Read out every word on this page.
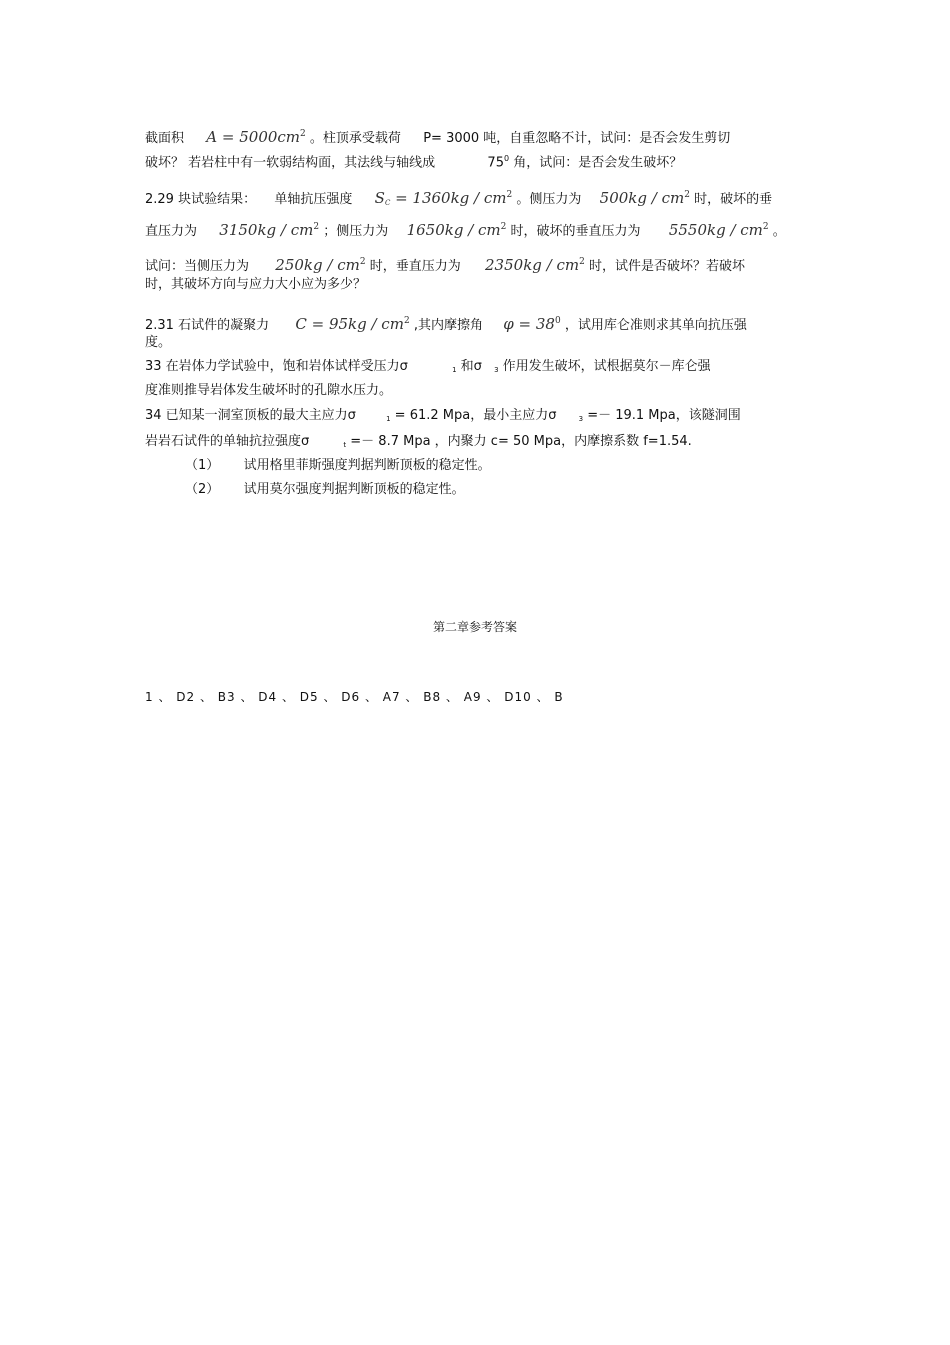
截面积 $A = 5000cm^2$ 。柱顶承受载荷 P= 3000 吨，自重忽略不计，试问：是否会发生剪切
破坏？ 若岩柱中有一软弱结构面，其法线与轴线成	$75^0$ 角，试问：是否会发生破坏？
2.29 块试验结果： 单轴抗压强度 $S_C = 1360kg / cm^2$ 。侧压力为 $500kg / cm^2$ 时，破坏的垂
直压力为 $3150kg / cm^2$ ；侧压力为 $1650kg / cm^2$ 时，破坏的垂直压力为 $5550kg / cm^2$ 。
试问：当侧压力为 $250kg / cm^2$ 时，垂直压力为 $2350kg / cm^2$ 时，试件是否破坏？若破坏
时，其破坏方向与应力大小应为多少？
2.31 石试件的凝聚力 $C = 95kg / cm^2$ ,其内摩擦角 $\varphi = 38^0$ ，试用库仑准则求其单向抗压强
度。
33 在岩体力学试验中，饱和岩体试样受压力σ	$_1$ 和σ $_3$ 作用发生破坏，试根据莫尔－库仑强
度准则推导岩体发生破坏时的孔隙水压力。
34 已知某一洞室顶板的最大主应力σ	$_1$ = 61.2 Mpa，最小主应力σ	$_3$ =－ 19.1 Mpa，该隧洞围
岩岩石试件的单轴抗拉强度σ	$_t$ =－ 8.7 Mpa ，内聚力 c= 50 Mpa，内摩擦系数 f=1.54.
（1） 试用格里菲斯强度判据判断顶板的稳定性。
（2） 试用莫尔强度判据判断顶板的稳定性。
第二章参考答案
1 、 D2 、 B3 、 D4 、 D5 、 D6 、 A7 、 B8 、 A9 、 D10 、 B
